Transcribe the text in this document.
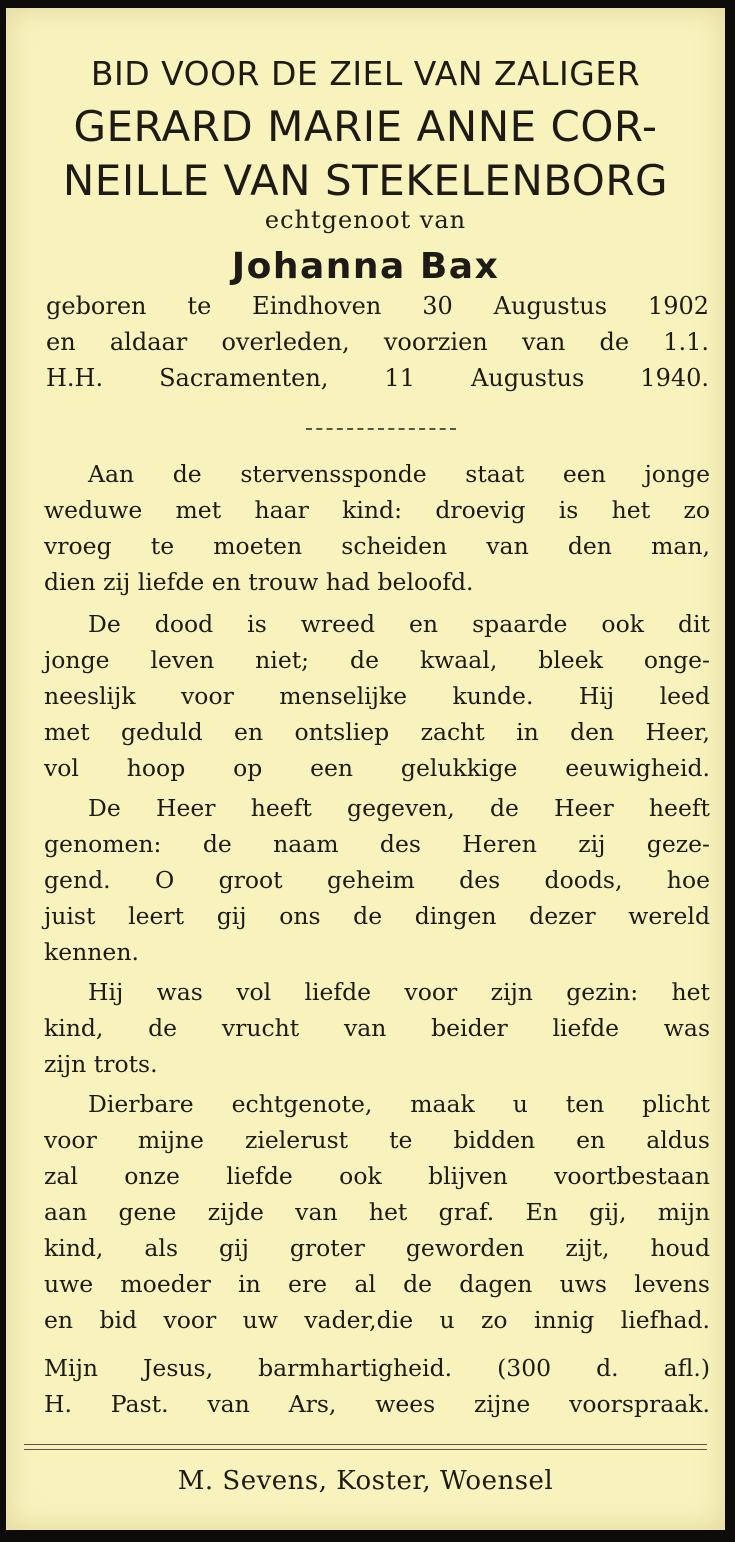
BID VOOR DE ZIEL VAN ZALIGER
GERARD MARIE ANNE COR-
NEILLE VAN STEKELENBORG
echtgenoot van
Johanna Bax
geboren te Eindhoven 30 Augustus 1902
en aldaar overleden, voorzien van de 1.1.
H.H. Sacramenten, 11 Augustus 1940.
Aan de stervenssponde staat een jonge
weduwe met haar kind: droevig is het zo
vroeg te moeten scheiden van den man,
dien zij liefde en trouw had beloofd.
De dood is wreed en spaarde ook dit
jonge leven niet; de kwaal, bleek onge-
neeslijk voor menselijke kunde. Hij leed
met geduld en ontsliep zacht in den Heer,
vol hoop op een gelukkige eeuwigheid.
De Heer heeft gegeven, de Heer heeft
genomen: de naam des Heren zij geze-
gend. O groot geheim des doods, hoe
juist leert gij ons de dingen dezer wereld
kennen.
Hij was vol liefde voor zijn gezin: het
kind, de vrucht van beider liefde was
zijn trots.
Dierbare echtgenote, maak u ten plicht
voor mijne zielerust te bidden en aldus
zal onze liefde ook blijven voortbestaan
aan gene zijde van het graf. En gij, mijn
kind, als gij groter geworden zijt, houd
uwe moeder in ere al de dagen uws levens
en bid voor uw vader,die u zo innig liefhad.
Mijn Jesus, barmhartigheid. (300 d. afl.)
H. Past. van Ars, wees zijne voorspraak.
M. Sevens, Koster, Woensel
